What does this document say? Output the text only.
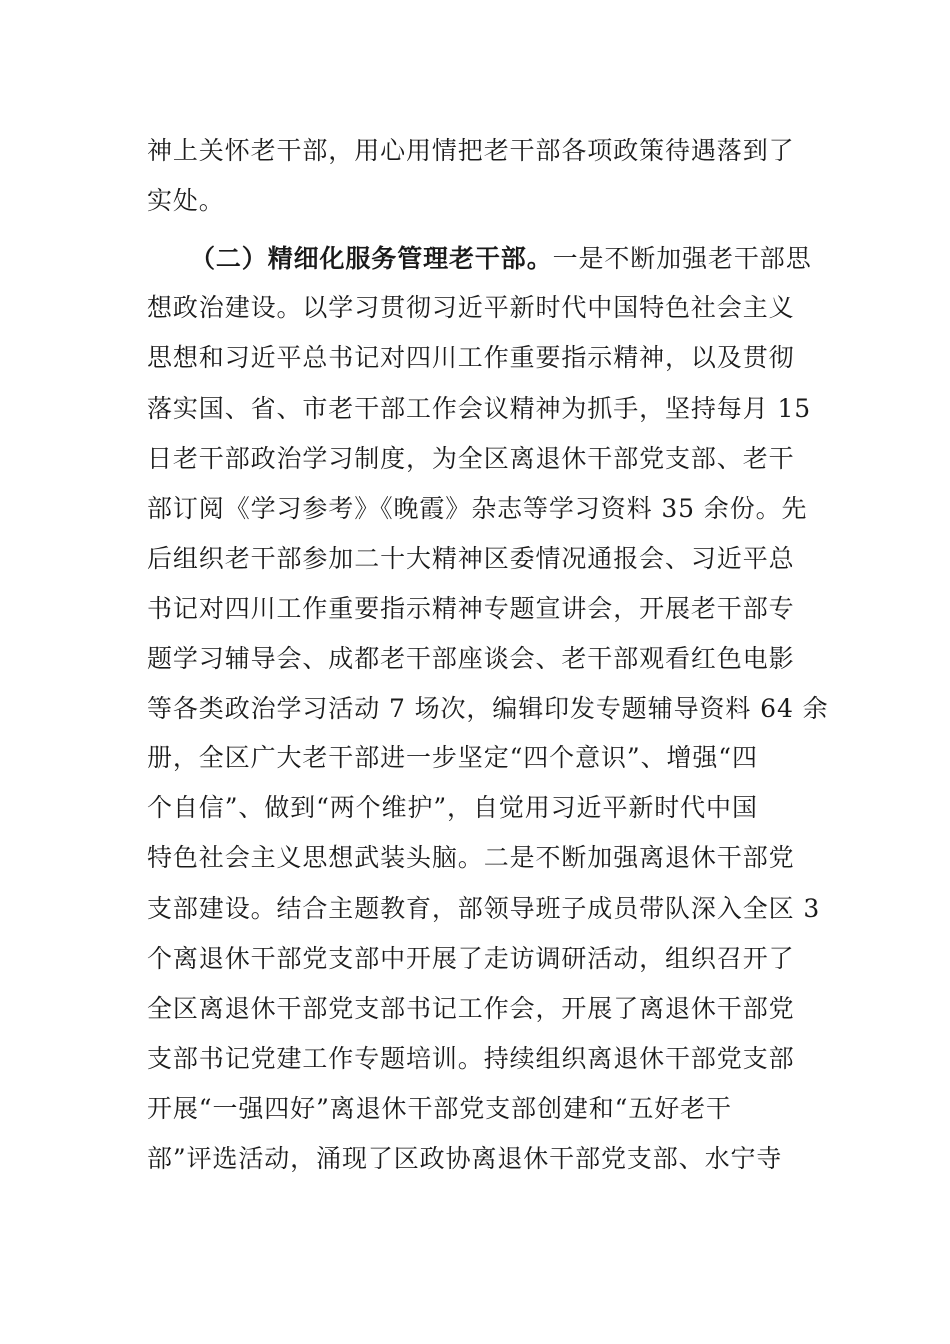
神上关怀老干部，用心用情把老干部各项政策待遇落到了
实处。
（二）精细化服务管理老干部。一是不断加强老干部思
想政治建设。以学习贯彻习近平新时代中国特色社会主义
思想和习近平总书记对四川工作重要指示精神，以及贯彻
落实国、省、市老干部工作会议精神为抓手，坚持每月 15
日老干部政治学习制度，为全区离退休干部党支部、老干
部订阅《学习参考》《晚霞》杂志等学习资料 35 余份。先
后组织老干部参加二十大精神区委情况通报会、习近平总
书记对四川工作重要指示精神专题宣讲会，开展老干部专
题学习辅导会、成都老干部座谈会、老干部观看红色电影
等各类政治学习活动 7 场次，编辑印发专题辅导资料 64 余
册，全区广大老干部进一步坚定“四个意识”、增强“四
个自信”、做到“两个维护”，自觉用习近平新时代中国
特色社会主义思想武装头脑。二是不断加强离退休干部党
支部建设。结合主题教育，部领导班子成员带队深入全区 3
个离退休干部党支部中开展了走访调研活动，组织召开了
全区离退休干部党支部书记工作会，开展了离退休干部党
支部书记党建工作专题培训。持续组织离退休干部党支部
开展“一强四好”离退休干部党支部创建和“五好老干
部”评选活动，涌现了区政协离退休干部党支部、水宁寺
